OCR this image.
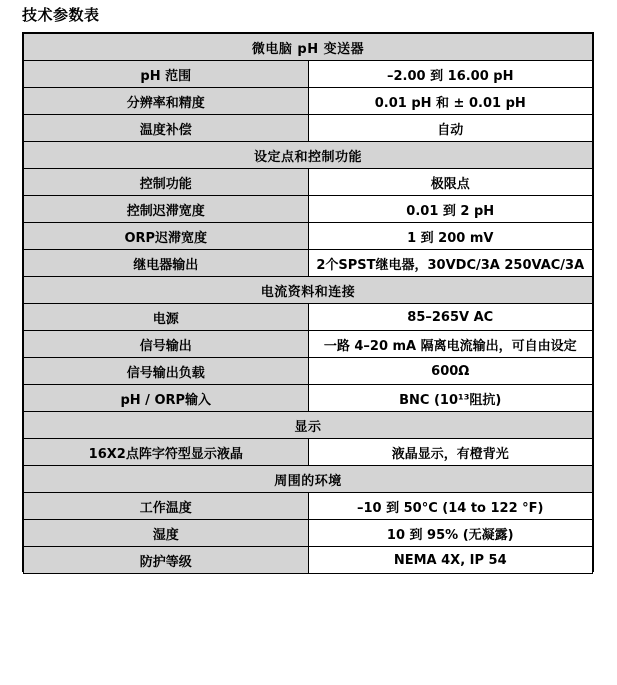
技术参数表
微电脑 pH 变送器	
pH 范围	–2.00 到 16.00 pH
分辨率和精度	0.01 pH 和 ± 0.01 pH
温度补偿	自动
设定点和控制功能	
控制功能	极限点
控制迟滞宽度	0.01 到 2 pH
ORP迟滞宽度	1 到 200 mV
继电器输出	2个SPST继电器，30VDC/3A 250VAC/3A
电流资料和连接	
电源	85–265V AC
信号输出	一路 4–20 mA 隔离电流输出，可自由设定
信号输出负载	600Ω
pH / ORP输入	BNC (10¹³阻抗)
显示	
16X2点阵字符型显示液晶	液晶显示，有橙背光
周围的环境	
工作温度	–10 到 50°C (14 to 122 °F)
湿度	10 到 95% (无凝露)
防护等级	NEMA 4X, IP 54
